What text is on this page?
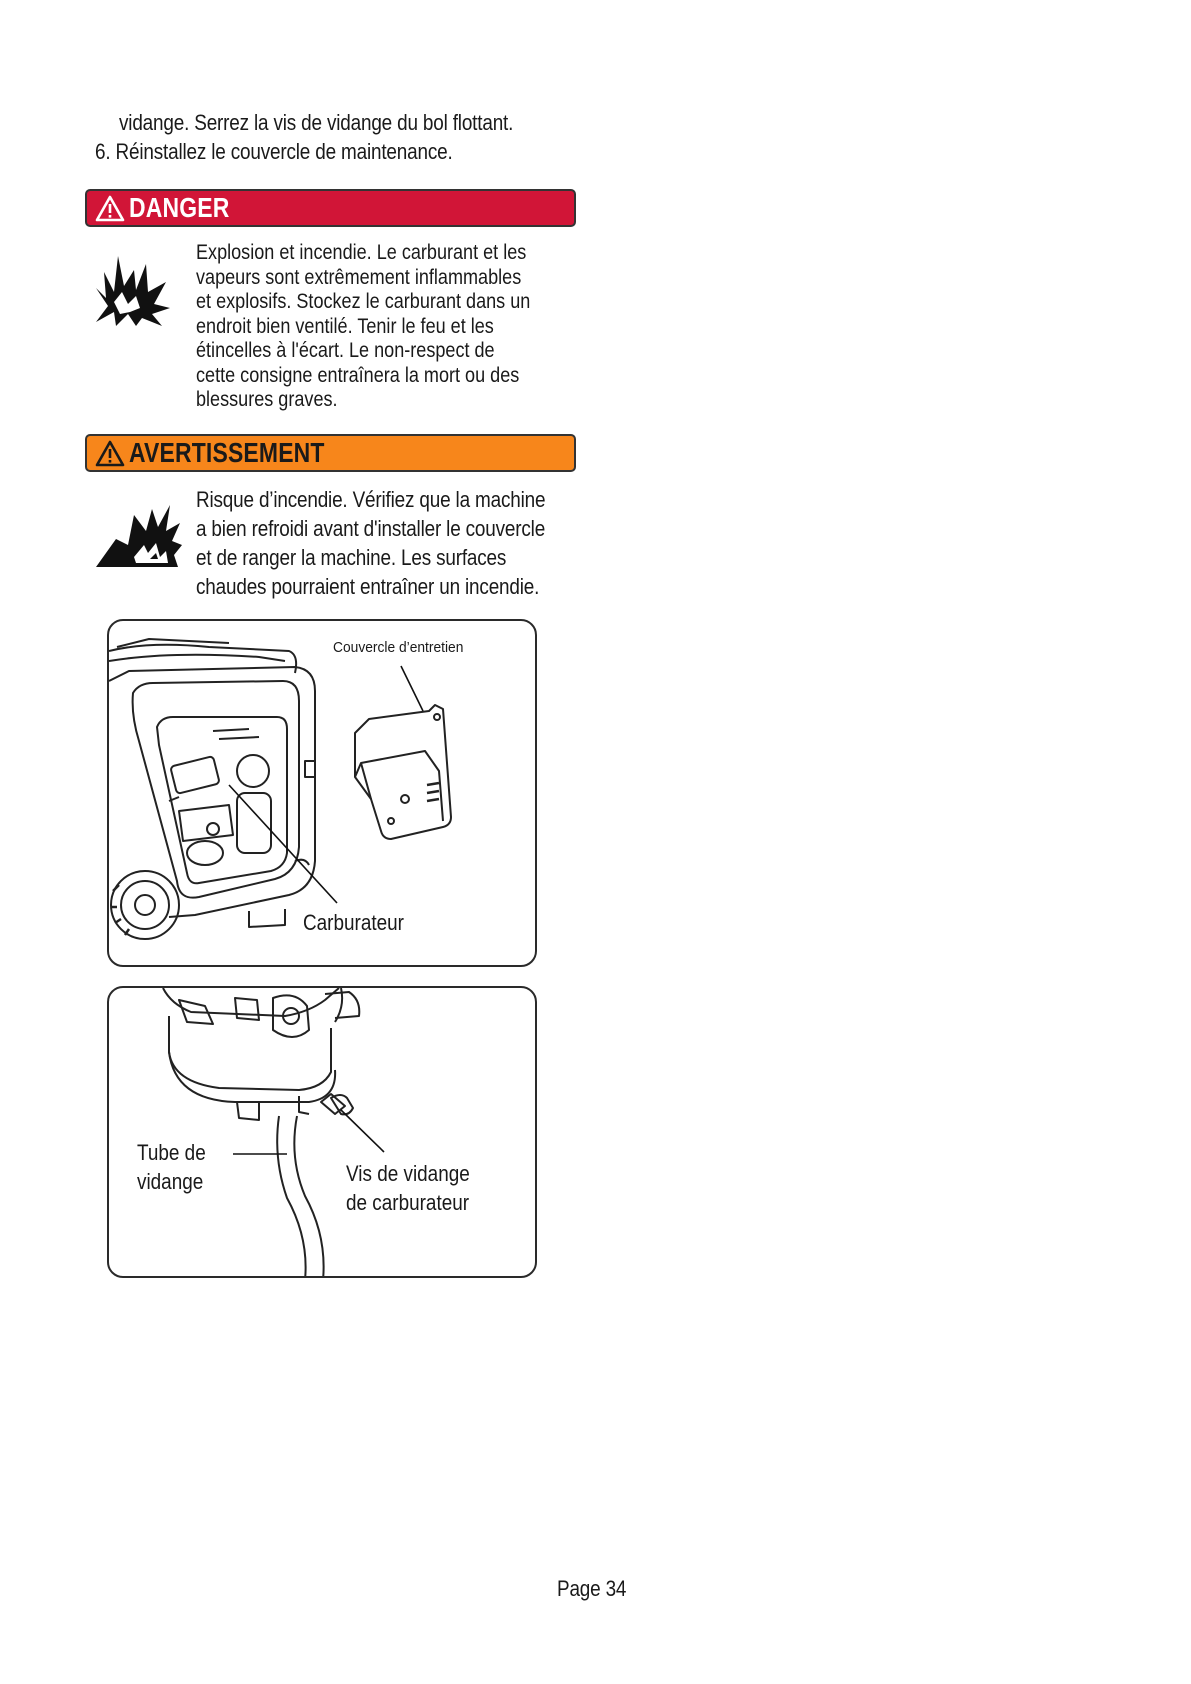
vidange. Serrez la vis de vidange du bol flottant.
6. Réinstallez le couvercle de maintenance.
DANGER
Explosion et incendie. Le carburant et les
vapeurs sont extrêmement inflammables
et explosifs. Stockez le carburant dans un
endroit bien ventilé. Tenir le feu et les
étincelles à l'écart. Le non-respect de
cette consigne entraînera la mort ou des
blessures graves.
AVERTISSEMENT
Risque d’incendie. Vérifiez que la machine
a bien refroidi avant d'installer le couvercle
et de ranger la machine. Les surfaces
chaudes pourraient entraîner un incendie.
Couvercle d’entretien
Carburateur
Tube de
vidange	Vis de vidange
de carburateur
Page 34
